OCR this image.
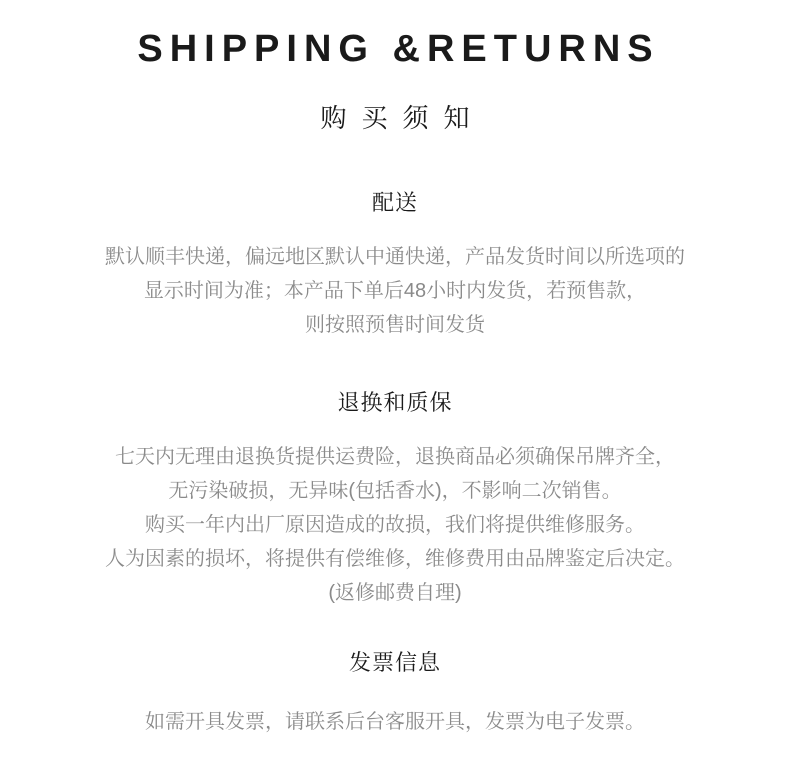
SHIPPING &RETURNS
购买须知
配送
默认顺丰快递，偏远地区默认中通快递，产品发货时间以所选项的
显示时间为准；本产品下单后48小时内发货，若预售款，
则按照预售时间发货
退换和质保
七天内无理由退换货提供运费险，退换商品必须确保吊牌齐全，
无污染破损，无异味(包括香水)，不影响二次销售。
购买一年内出厂原因造成的故损，我们将提供维修服务。
人为因素的损坏，将提供有偿维修，维修费用由品牌鉴定后决定。
(返修邮费自理)
发票信息
如需开具发票，请联系后台客服开具，发票为电子发票。
